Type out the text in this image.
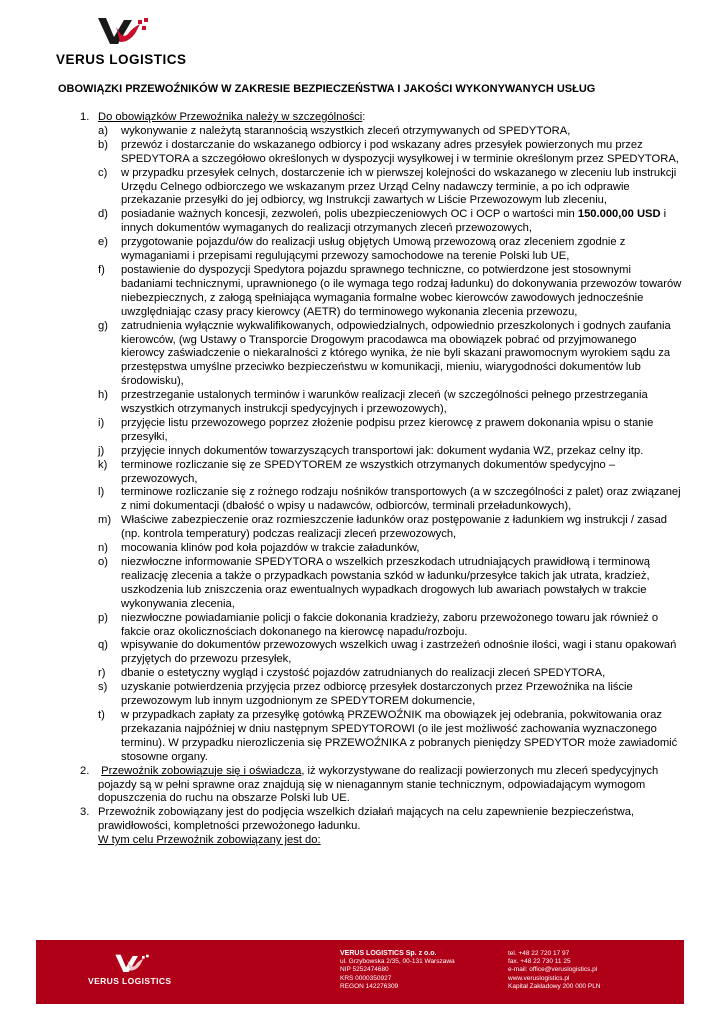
VERUS LOGISTICS
OBOWIĄZKI PRZEWOŹNIKÓW W ZAKRESIE BEZPIECZEŃSTWA I JAKOŚCI WYKONYWANYCH USŁUG
1. Do obowiązków Przewoźnika należy w szczególności:
a) wykonywanie z należytą starannością wszystkich zleceń otrzymywanych od SPEDYTORA,
b) przewóz i dostarczanie do wskazanego odbiorcy i pod wskazany adres przesyłek powierzonych mu przez SPEDYTORA a szczegółowo określonych w dyspozycji wysyłkowej i w terminie określonym przez SPEDYTORA,
c) w przypadku przesyłek celnych, dostarczenie ich w pierwszej kolejności do wskazanego w zleceniu lub instrukcji Urzędu Celnego odbiorczego we wskazanym przez Urząd Celny nadawczy terminie, a po ich odprawie przekazanie przesyłki do jej odbiorcy, wg Instrukcji zawartych w Liście Przewozowym lub zleceniu,
d) posiadanie ważnych koncesji, zezwoleń, polis ubezpieczeniowych OC i OCP o wartości min 150.000,00 USD i innych dokumentów wymaganych do realizacji otrzymanych zleceń przewozowych,
e) przygotowanie pojazdu/ów do realizacji usług objętych Umową przewozową oraz zleceniem zgodnie z wymaganiami i przepisami regulującymi przewozy samochodowe na terenie Polski lub UE,
f) postawienie do dyspozycji Spedytora pojazdu sprawnego techniczne, co potwierdzone jest stosownymi badaniami technicznymi, uprawnionego (o ile wymaga tego rodzaj ładunku) do dokonywania przewozów towarów niebezpiecznych, z załogą spełniająca wymagania formalne wobec kierowców zawodowych jednocześnie uwzględniając czasy pracy kierowcy (AETR) do terminowego wykonania zlecenia przewozu,
g) zatrudnienia wyłącznie wykwalifikowanych, odpowiedzialnych, odpowiednio przeszkolonych i godnych zaufania kierowców, (wg Ustawy o Transporcie Drogowym pracodawca ma obowiązek pobrać od przyjmowanego kierowcy zaświadczenie o niekaralności z którego wynika, że nie byli skazani prawomocnym wyrokiem sądu za przestępstwa umyślne przeciwko bezpieczeństwu w komunikacji, mieniu, wiarygodności dokumentów lub środowisku),
h) przestrzeganie ustalonych terminów i warunków realizacji zleceń (w szczególności pełnego przestrzegania wszystkich otrzymanych instrukcji spedycyjnych i przewozowych),
i) przyjęcie listu przewozowego poprzez złożenie podpisu przez kierowcę z prawem dokonania wpisu o stanie przesyłki,
j) przyjęcie innych dokumentów towarzyszących transportowi jak: dokument wydania WZ, przekaz celny itp.
k) terminowe rozliczanie się ze SPEDYTOREM ze wszystkich otrzymanych dokumentów spedycyjno – przewozowych,
l) terminowe rozliczanie się z rożnego rodzaju nośników transportowych (a w szczególności z palet) oraz związanej z nimi dokumentacji (dbałość o wpisy u nadawców, odbiorców, terminali przeładunkowych),
m) Właściwe zabezpieczenie oraz rozmieszczenie ładunków oraz postępowanie z ładunkiem wg instrukcji / zasad (np. kontrola temperatury) podczas realizacji zleceń przewozowych,
n) mocowania klinów pod koła pojazdów w trakcie załadunków,
o) niezwłoczne informowanie SPEDYTORA o wszelkich przeszkodach utrudniających prawidłową i terminową realizację zlecenia a także o przypadkach powstania szkód w ładunku/przesyłce takich jak utrata, kradzież, uszkodzenia lub zniszczenia oraz ewentualnych wypadkach drogowych lub awariach powstałych w trakcie wykonywania zlecenia,
p) niezwłoczne powiadamianie policji o fakcie dokonania kradzieży, zaboru przewożonego towaru jak również o fakcie oraz okolicznościach dokonanego na kierowcę napadu/rozboju.
q) wpisywanie do dokumentów przewozowych wszelkich uwag i zastrzeżeń odnośnie ilości, wagi i stanu opakowań przyjętych do przewozu przesyłek,
r) dbanie o estetyczny wygląd i czystość pojazdów zatrudnianych do realizacji zleceń SPEDYTORA,
s) uzyskanie potwierdzenia przyjęcia przez odbiorcę przesyłek dostarczonych przez Przewoźnika na liście przewozowym lub innym uzgodnionym ze SPEDYTOREM dokumencie,
t) w przypadkach zapłaty za przesyłkę gotówką PRZEWOŹNIK ma obowiązek jej odebrania, pokwitowania oraz przekazania najpóźniej w dniu następnym SPEDYTOROWI (o ile jest możliwość zachowania wyznaczonego terminu). W przypadku nierozliczenia się PRZEWOŹNIKA z pobranych pieniędzy SPEDYTOR może zawiadomić stosowne organy.
2. Przewoźnik zobowiązuje się i oświadcza, iż wykorzystywane do realizacji powierzonych mu zleceń spedycyjnych pojazdy są w pełni sprawne oraz znajdują się w nienagannym stanie technicznym, odpowiadającym wymogom dopuszczenia do ruchu na obszarze Polski lub UE.
3. Przewoźnik zobowiązany jest do podjęcia wszelkich działań mających na celu zapewnienie bezpieczeństwa, prawidłowości, kompletności przewożonego ładunku.
W tym celu Przewoźnik zobowiązany jest do:
VERUS LOGISTICS
VERUS LOGISTICS Sp. z o.o.
ul. Grzybowska 2/35, 00-131 Warszawa
NIP 5252474680
KRS 0000350927
REGON 142276309
tel. +48 22 720 17 97
fax. +48 22 730 11 25
e-mail: office@veruslogistics.pl
www.veruslogistics.pl
Kapitał Zakładowy 200 000 PLN
